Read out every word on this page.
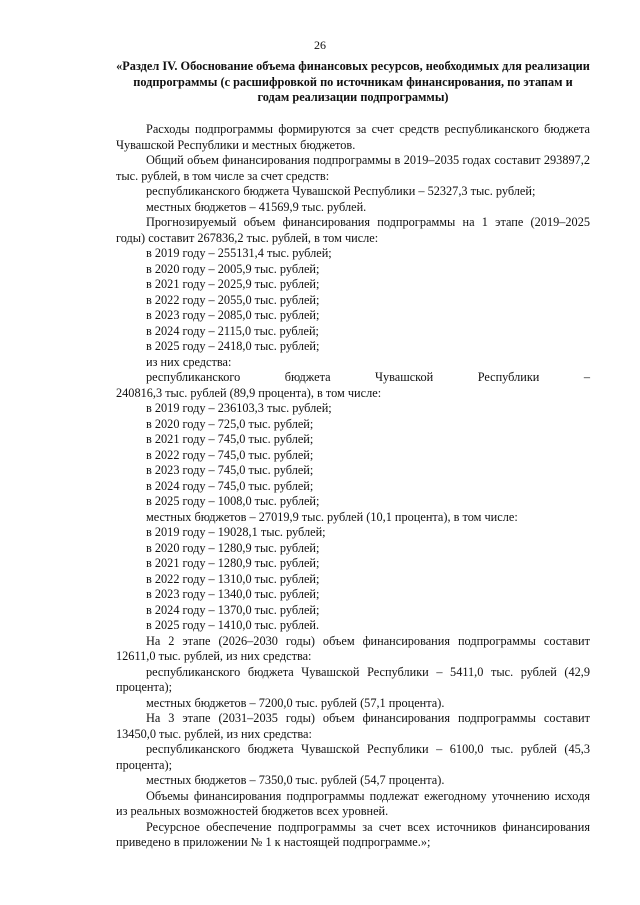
26
«Раздел IV. Обоснование объема финансовых ресурсов, необходимых для реализации подпрограммы (с расшифровкой по источникам финансирования, по этапам и годам реализации подпрограммы)

Расходы подпрограммы формируются за счет средств республиканского бюджета Чувашской Республики и местных бюджетов.

Общий объем финансирования подпрограммы в 2019–2035 годах составит 293897,2 тыс. рублей, в том числе за счет средств:

республиканского бюджета Чувашской Республики – 52327,3 тыс. рублей;

местных бюджетов – 41569,9 тыс. рублей.

Прогнозируемый объем финансирования подпрограммы на 1 этапе (2019–2025 годы) составит 267836,2 тыс. рублей, в том числе:

в 2019 году – 255131,4 тыс. рублей;

в 2020 году – 2005,9 тыс. рублей;

в 2021 году – 2025,9 тыс. рублей;

в 2022 году – 2055,0 тыс. рублей;

в 2023 году – 2085,0 тыс. рублей;

в 2024 году – 2115,0 тыс. рублей;

в 2025 году – 2418,0 тыс. рублей;

из них средства:

республиканского	бюджета	Чувашской	Республики	–

240816,3 тыс. рублей (89,9 процента), в том числе:

в 2019 году – 236103,3 тыс. рублей;

в 2020 году – 725,0 тыс. рублей;

в 2021 году – 745,0 тыс. рублей;

в 2022 году – 745,0 тыс. рублей;

в 2023 году – 745,0 тыс. рублей;

в 2024 году – 745,0 тыс. рублей;

в 2025 году – 1008,0 тыс. рублей;

местных бюджетов – 27019,9 тыс. рублей (10,1 процента), в том числе:

в 2019 году – 19028,1 тыс. рублей;

в 2020 году – 1280,9 тыс. рублей;

в 2021 году – 1280,9 тыс. рублей;

в 2022 году – 1310,0 тыс. рублей;

в 2023 году – 1340,0 тыс. рублей;

в 2024 году – 1370,0 тыс. рублей;

в 2025 году – 1410,0 тыс. рублей.

На 2 этапе (2026–2030 годы) объем финансирования подпрограммы составит 12611,0 тыс. рублей, из них средства:

республиканского бюджета Чувашской Республики – 5411,0 тыс. рублей (42,9 процента);

местных бюджетов – 7200,0 тыс. рублей (57,1 процента).

На 3 этапе (2031–2035 годы) объем финансирования подпрограммы составит 13450,0 тыс. рублей, из них средства:

республиканского бюджета Чувашской Республики – 6100,0 тыс. рублей (45,3 процента);

местных бюджетов – 7350,0 тыс. рублей (54,7 процента).

Объемы финансирования подпрограммы подлежат ежегодному уточнению исходя из реальных возможностей бюджетов всех уровней.

Ресурсное обеспечение подпрограммы за счет всех источников финансирования приведено в приложении № 1 к настоящей подпрограмме.»;
